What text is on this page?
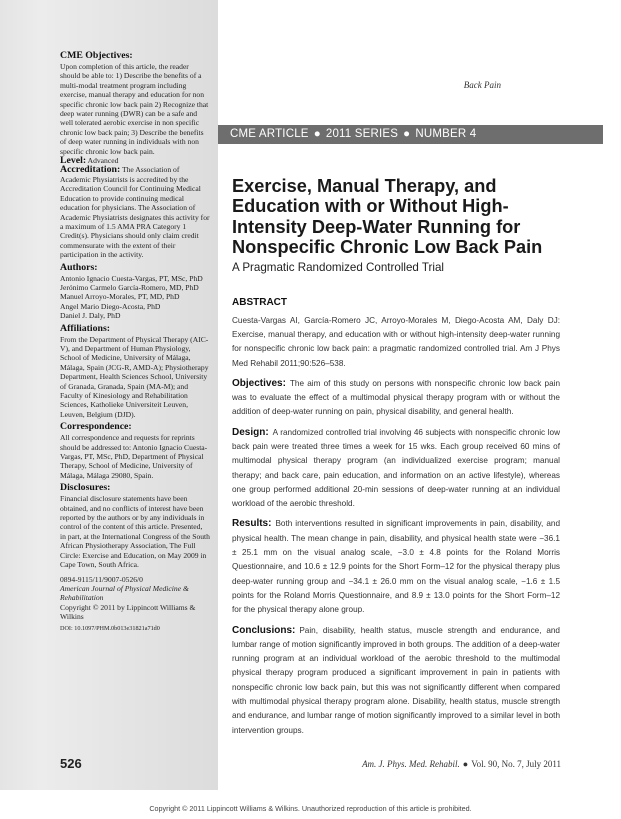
CME Objectives:

Upon completion of this article, the reader should be able to: 1) Describe the benefits of a multi-modal treatment program including exercise, manual therapy and education for non specific chronic low back pain 2) Recognize that deep water running (DWR) can be a safe and well tolerated aerobic exercise in non specific chronic low back pain; 3) Describe the benefits of deep water running in individuals with non specific chronic low back pain.

Level: Advanced

Accreditation: The Association of Academic Physiatrists is accredited by the Accreditation Council for Continuing Medical Education to provide continuing medical education for physicians. The Association of Academic Physiatrists designates this activity for a maximum of 1.5 AMA PRA Category 1 Credit(s). Physicians should only claim credit commensurate with the extent of their participation in the activity.

Authors:

Antonio Ignacio Cuesta-Vargas, PT, MSc, PhD

Jerónimo Carmelo García-Romero, MD, PhD

Manuel Arroyo-Morales, PT, MD, PhD

Angel Mario Diego-Acosta, PhD

Daniel J. Daly, PhD

Affiliations:

From the Department of Physical Therapy (AIC-V), and Department of Human Physiology, School of Medicine, University of Málaga, Málaga, Spain (JCG-R, AMD-A); Physiotherapy Department, Health Sciences School, University of Granada, Granada, Spain (MA-M); and Faculty of Kinesiology and Rehabilitation Sciences, Katholieke Universiteit Leuven, Leuven, Belgium (DJD).

Correspondence:

All correspondence and requests for reprints should be addressed to: Antonio Ignacio Cuesta-Vargas, PT, MSc, PhD, Department of Physical Therapy, School of Medicine, University of Málaga, Málaga 29080, Spain.

Disclosures:

Financial disclosure statements have been obtained, and no conflicts of interest have been reported by the authors or by any individuals in control of the content of this article. Presented, in part, at the International Congress of the South African Physiotherapy Association, The Full Circle: Exercise and Education, on May 2009 in Cape Town, South Africa.

0894-9115/11/9007-0526/0

American Journal of Physical Medicine & Rehabilitation

Copyright © 2011 by Lippincott Williams & Wilkins

DOI: 10.1097/PHM.0b013e31821a71d0

526
Back Pain
CME ARTICLE ● 2011 SERIES ● NUMBER 4
Exercise, Manual Therapy, and Education with or Without High-Intensity Deep-Water Running for Nonspecific Chronic Low Back Pain

A Pragmatic Randomized Controlled Trial

ABSTRACT

Cuesta-Vargas AI, García-Romero JC, Arroyo-Morales M, Diego-Acosta AM, Daly DJ: Exercise, manual therapy, and education with or without high-intensity deep-water running for nonspecific chronic low back pain: a pragmatic randomized controlled trial. Am J Phys Med Rehabil 2011;90:526–538.

Objectives: The aim of this study on persons with nonspecific chronic low back pain was to evaluate the effect of a multimodal physical therapy program with or without the addition of deep-water running on pain, physical disability, and general health.

Design: A randomized controlled trial involving 46 subjects with nonspecific chronic low back pain were treated three times a week for 15 wks. Each group received 60 mins of multimodal physical therapy program (an individualized exercise program; manual therapy; and back care, pain education, and information on an active lifestyle), whereas one group performed additional 20-min sessions of deep-water running at an individual workload of the aerobic threshold.

Results: Both interventions resulted in significant improvements in pain, disability, and physical health. The mean change in pain, disability, and physical health state were −36.1 ± 25.1 mm on the visual analog scale, −3.0 ± 4.8 points for the Roland Morris Questionnaire, and 10.6 ± 12.9 points for the Short Form–12 for the physical therapy plus deep-water running group and −34.1 ± 26.0 mm on the visual analog scale, −1.6 ± 1.5 points for the Roland Morris Questionnaire, and 8.9 ± 13.0 points for the Short Form–12 for the physical therapy alone group.

Conclusions: Pain, disability, health status, muscle strength and endurance, and lumbar range of motion significantly improved in both groups. The addition of a deep-water running program at an individual workload of the aerobic threshold to the multimodal physical therapy program produced a significant improvement in pain in patients with nonspecific chronic low back pain, but this was not significantly different when compared with multimodal physical therapy program alone. Disability, health status, muscle strength and endurance, and lumbar range of motion significantly improved to a similar level in both intervention groups.

Am. J. Phys. Med. Rehabil. ● Vol. 90, No. 7, July 2011
Copyright © 2011 Lippincott Williams & Wilkins. Unauthorized reproduction of this article is prohibited.
